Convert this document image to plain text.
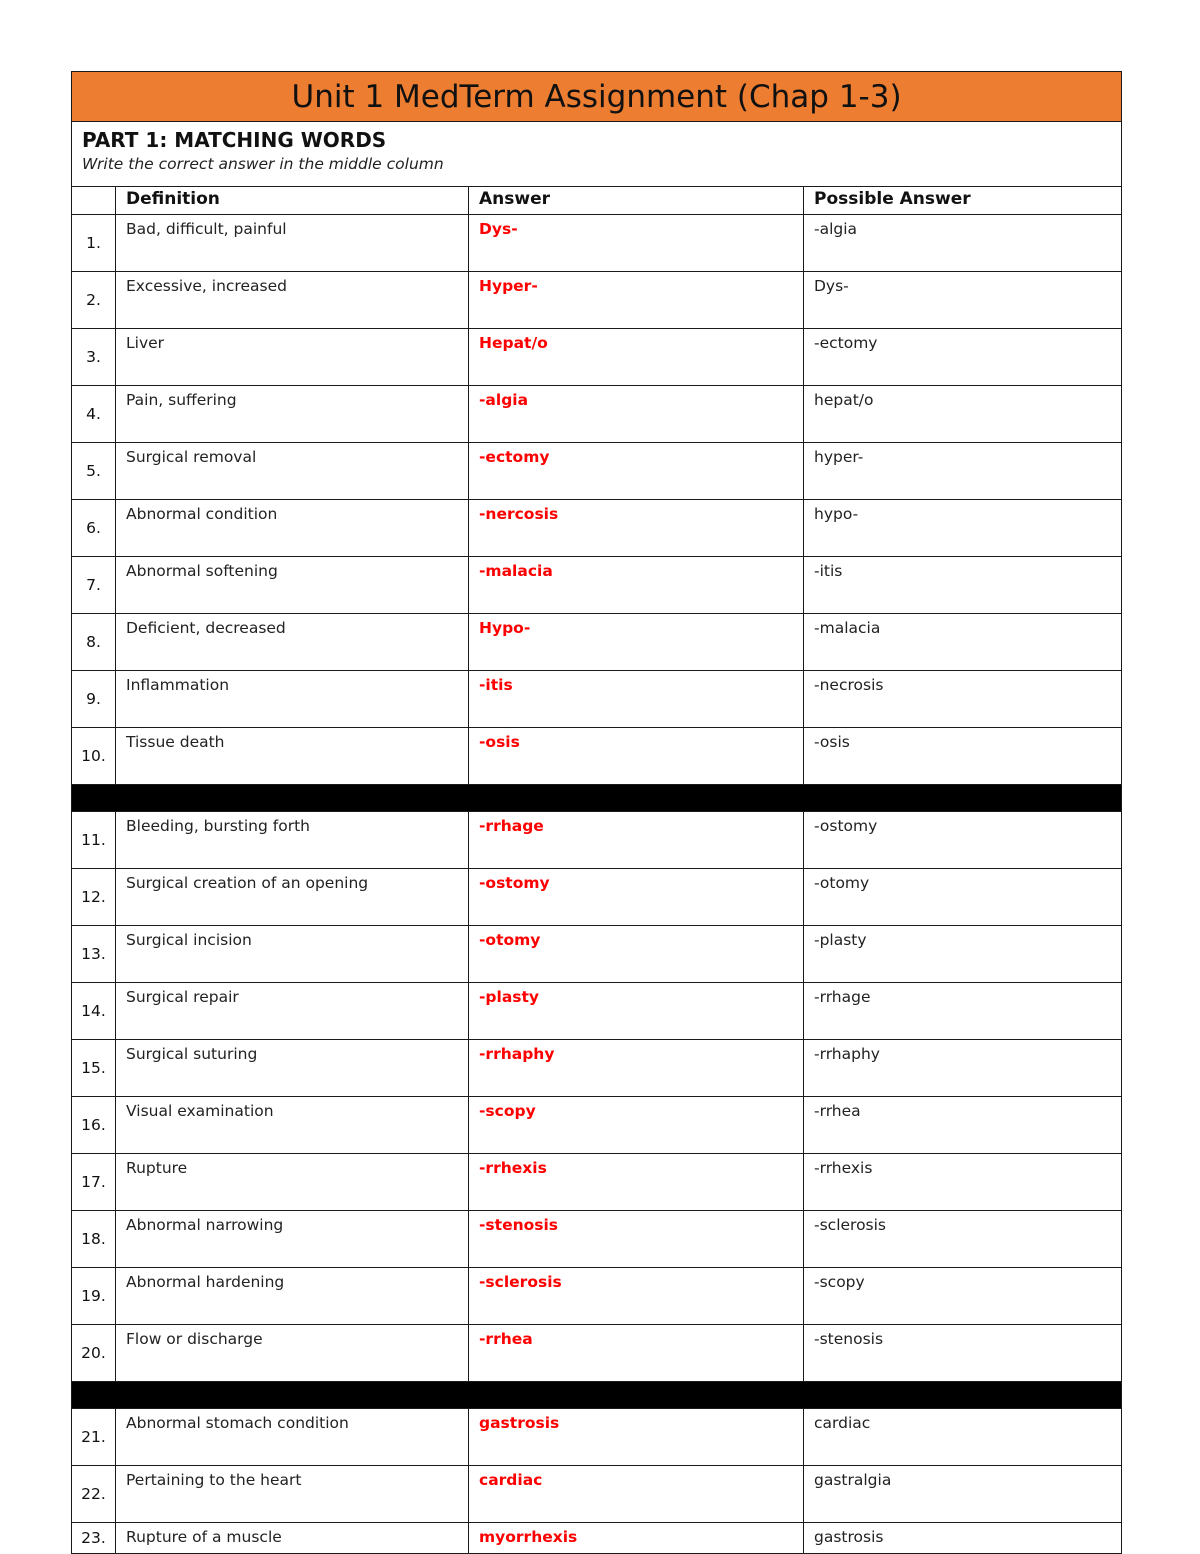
Unit 1 MedTerm Assignment (Chap 1-3)			

PART 1: MATCHING WORDS
Write the correct answer in the middle column			

	Definition	Answer	Possible Answer
1.	Bad, difficult, painful	Dys-	-algia
2.	Excessive, increased	Hyper-	Dys-
3.	Liver	Hepat/o	-ectomy
4.	Pain, suffering	-algia	hepat/o
5.	Surgical removal	-ectomy	hyper-
6.	Abnormal condition	-nercosis	hypo-
7.	Abnormal softening	-malacia	-itis
8.	Deficient, decreased	Hypo-	-malacia
9.	Inflammation	-itis	-necrosis
10.	Tissue death	-osis	-osis

11.	Bleeding, bursting forth	-rrhage	-ostomy
12.	Surgical creation of an opening	-ostomy	-otomy
13.	Surgical incision	-otomy	-plasty
14.	Surgical repair	-plasty	-rrhage
15.	Surgical suturing	-rrhaphy	-rrhaphy
16.	Visual examination	-scopy	-rrhea
17.	Rupture	-rrhexis	-rrhexis
18.	Abnormal narrowing	-stenosis	-sclerosis
19.	Abnormal hardening	-sclerosis	-scopy
20.	Flow or discharge	-rrhea	-stenosis

21.	Abnormal stomach condition	gastrosis	cardiac
22.	Pertaining to the heart	cardiac	gastralgia
23.	Rupture of a muscle	myorrhexis	gastrosis
